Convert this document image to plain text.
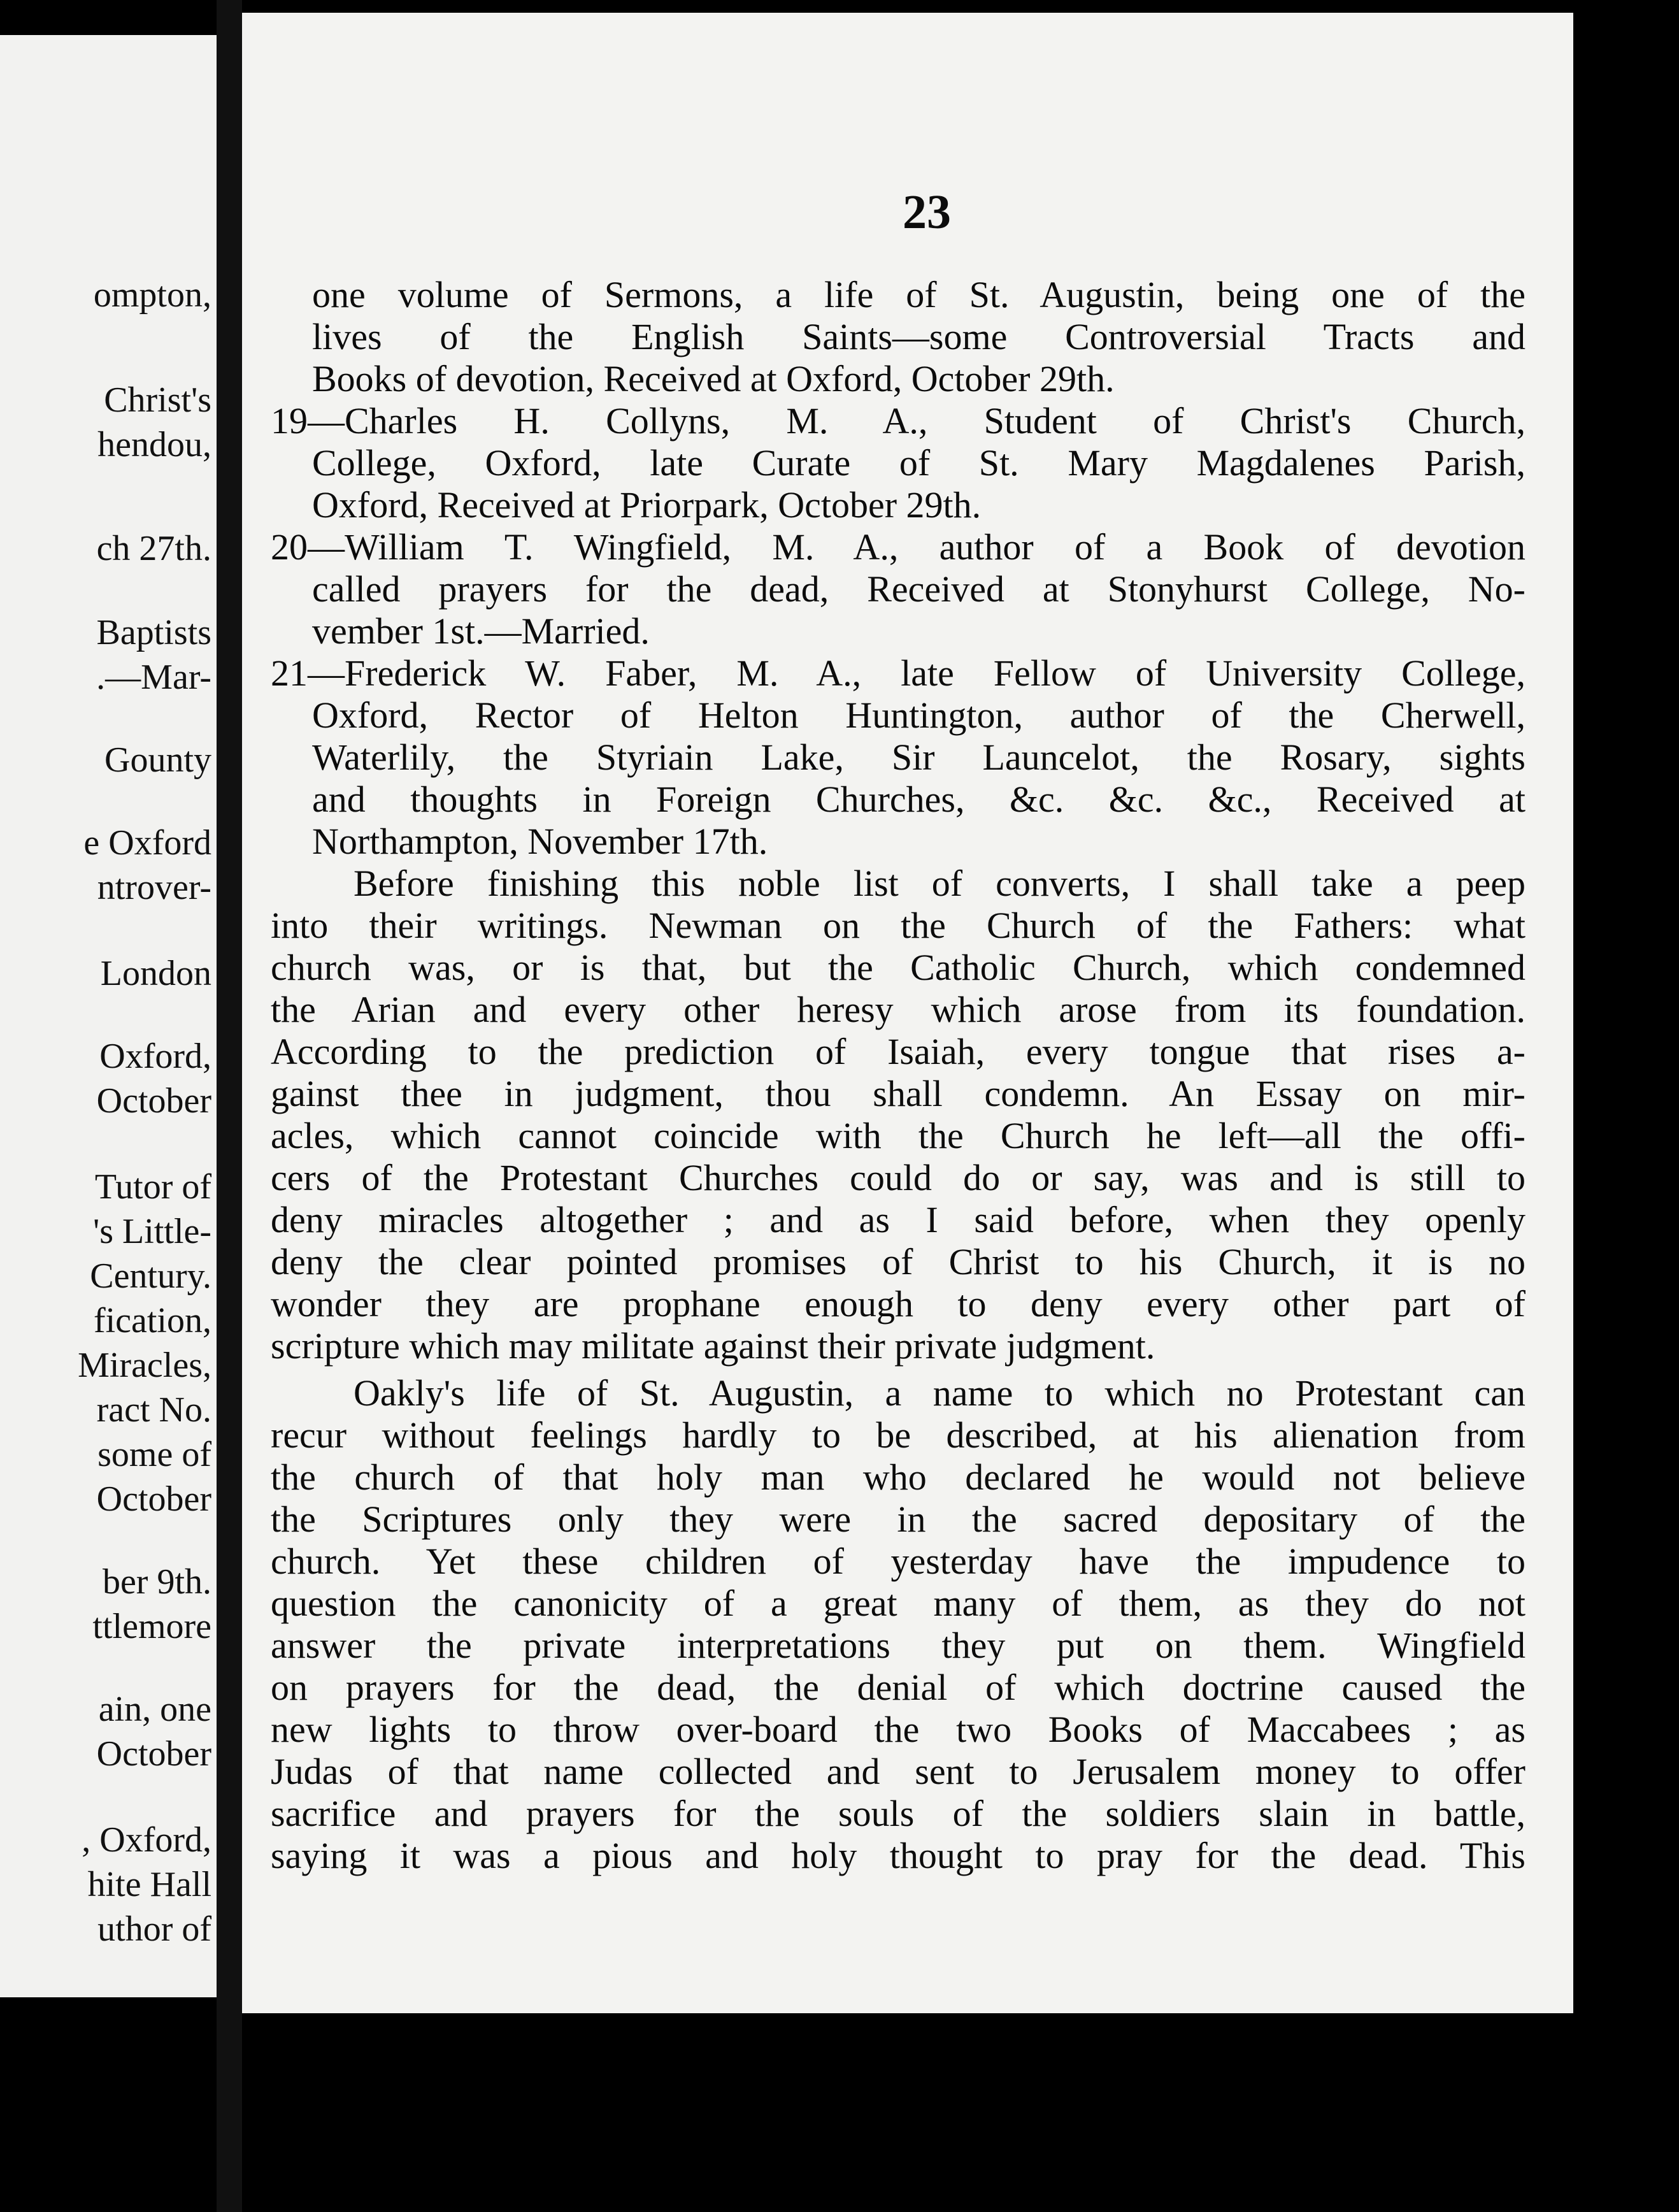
ompton,
Christ's
hendou,
ch 27th.
Baptists
.—Mar-
Gounty
e Oxford
ntrover-
London
Oxford,
October
Tutor of
's Little-
Century.
fication,
Miracles,
ract No.
some of
October
ber 9th.
ttlemore
ain, one
October
, Oxford,
hite Hall
uthor of
23
one volume of Sermons, a life of St. Augustin, being one of the
lives of the English Saints—some Controversial Tracts and
Books of devotion, Received at Oxford, October 29th.
19—Charles H. Collyns, M. A., Student of Christ's Church,
College, Oxford, late Curate of St. Mary Magdalenes Parish,
Oxford, Received at Priorpark, October 29th.
20—William T. Wingfield, M. A., author of a Book of devotion
called prayers for the dead, Received at Stonyhurst College, No-
vember 1st.—Married.
21—Frederick W. Faber, M. A., late Fellow of University College,
Oxford, Rector of Helton Huntington, author of the Cherwell,
Waterlily, the Styriain Lake, Sir Launcelot, the Rosary, sights
and thoughts in Foreign Churches, &c. &c. &c., Received at
Northampton, November 17th.
Before finishing this noble list of converts, I shall take a peep
into their writings. Newman on the Church of the Fathers: what
church was, or is that, but the Catholic Church, which condemned
the Arian and every other heresy which arose from its foundation.
According to the prediction of Isaiah, every tongue that rises a-
gainst thee in judgment, thou shall condemn. An Essay on mir-
acles, which cannot coincide with the Church he left—all the offi-
cers of the Protestant Churches could do or say, was and is still to
deny miracles altogether ; and as I said before, when they openly
deny the clear pointed promises of Christ to his Church, it is no
wonder they are prophane enough to deny every other part of
scripture which may militate against their private judgment.
Oakly's life of St. Augustin, a name to which no Protestant can
recur without feelings hardly to be described, at his alienation from
the church of that holy man who declared he would not believe
the Scriptures only they were in the sacred depositary of the
church. Yet these children of yesterday have the impudence to
question the canonicity of a great many of them, as they do not
answer the private interpretations they put on them. Wingfield
on prayers for the dead, the denial of which doctrine caused the
new lights to throw over-board the two Books of Maccabees ; as
Judas of that name collected and sent to Jerusalem money to offer
sacrifice and prayers for the souls of the soldiers slain in battle,
saying it was a pious and holy thought to pray for the dead. This
